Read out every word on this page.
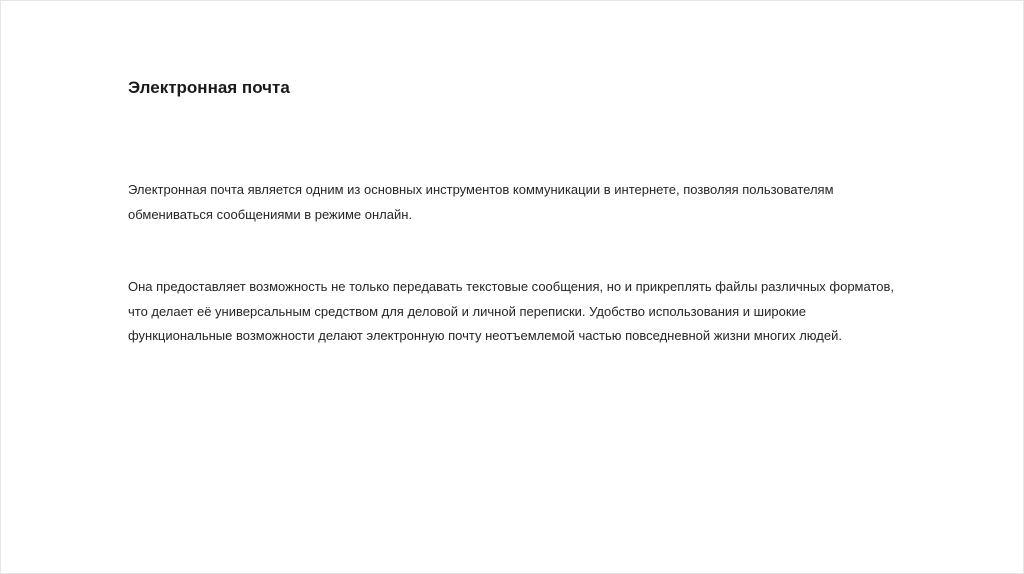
Электронная почта

Электронная почта является одним из основных инструментов коммуникации в интернете, позволяя пользователям
обмениваться сообщениями в режиме онлайн.

Она предоставляет возможность не только передавать текстовые сообщения, но и прикреплять файлы различных форматов,
что делает её универсальным средством для деловой и личной переписки. Удобство использования и широкие
функциональные возможности делают электронную почту неотъемлемой частью повседневной жизни многих людей.
